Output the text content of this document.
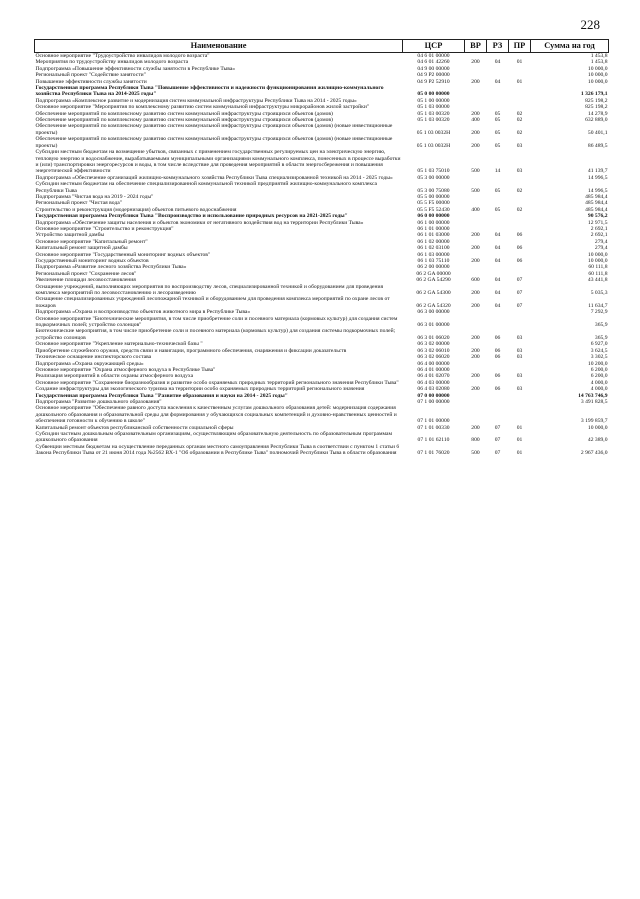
228
Наименование	ЦСР	ВР	РЗ	ПР	Сумма на год
Основное мероприятие "Трудоустройство инвалидов молодого возраста"	04 6 01 00000				1 453,8
Мероприятия по трудоустройству инвалидов молодого возраста	04 6 01 42260	200	04	01	1 453,8
Подпрограмма «Повышение эффективности службы занятости в Республике Тыва»	04 9 00 00000				10 000,0
Региональный проект "Содействие занятости"	04 9 P2 00000				10 000,0
Повышение эффективности службы занятости	04 9 P2 52910	200	04	01	10 000,0
Государственная программа Республики Тыва "Повышение эффективности и надежности функционирования жилищно-коммунального хозяйства Республики Тыва на 2014-2025 годы"	05 0 00 00000				1 326 179,1
Подпрограмма «Комплексное развитие и модернизация систем коммунальной инфраструктуры Республики Тыва на 2014 - 2025 годы»	05 1 00 00000				825 198,2
Основное мероприятие "Мероприятия по комплексному развитию систем коммунальной инфраструктуры микрорайонов жилой застройки"	05 1 03 00000				825 198,2
Обеспечение мероприятий по комплексному развитию систем коммунальной инфраструктуры строящихся объектов (домов)	05 1 03 00320	200	05	02	14 278,9
Обеспечение мероприятий по комплексному развитию систем коммунальной инфраструктуры строящихся объектов (домов)	05 1 03 00320	400	05	02	632 889,0
Обеспечение мероприятий по комплексному развитию систем коммунальной инфраструктуры строящихся объектов (домов) (новые инвестиционные проекты)	05 1 03 0032H	200	05	02	50 401,1
Обеспечение мероприятий по комплексному развитию систем коммунальной инфраструктуры строящихся объектов (домов) (новые инвестиционные проекты)	05 1 03 0032H	200	05	03	86 489,5
Субсидии местным бюджетам на возмещение убытков, связанных с применением государственных регулируемых цен на электрическую энергию, тепловую энергию и водоснабжение, вырабатываемыми муниципальными организациями коммунального комплекса, понесенных в процессе выработки и (или) транспортировки энергоресурсов и воды, в том числе вследствие для проведения мероприятий в области энергосбережения и повышения энергетической эффективности	05 1 03 75010	500	14	03	41 139,7
Подпрограмма «Обеспечение организаций жилищно-коммунального хозяйства Республики Тыва специализированной техникой на 2014 - 2025 годы»	05 3 00 00000				14 996,5
Субсидии местным бюджетам на обеспечение специализированной коммунальной техникой предприятий жилищно-коммунального комплекса Республики Тыва	05 3 00 75080	500	05	02	14 996,5
Подпрограмма "Чистая вода на 2019 - 2024 годы"	05 5 00 00000				485 984,4
Региональный проект "Чистая вода"	05 5 F5 00000				485 984,4
Строительство и реконструкция (модернизация) объектов питьевого водоснабжения	05 5 F5 52430	400	05	02	485 984,4
Государственная программа Республики Тыва "Воспроизводство и использование природных ресурсов на 2021-2025 годы"	06 0 00 00000				90 576,2
Подпрограмма «Обеспечение защиты населения и объектов экономики от негативного воздействия вод на территории Республики Тыва»	06 1 00 00000				12 971,5
Основное мероприятие "Строительство и реконструкция"	06 1 01 00000				2 692,1
Устройство защитной дамбы	06 1 01 03000	200	04	06	2 692,1
Основное мероприятие "Капитальный ремонт"	06 1 02 00000				279,4
Капитальный ремонт защитной дамбы	06 1 02 03100	200	04	06	279,4
Основное мероприятие "Государственный мониторинг водных объектов"	06 1 03 00000				10 000,0
Государственный мониторинг водных объектов	06 1 03 75110	200	04	06	10 000,0
Подпрограмма «Развитие лесного хозяйства Республики Тыва»	06 2 00 00000				60 111,8
Региональный проект "Сохранение лесов"	06 2 GA 00000				60 111,8
Увеличение площади лесовосстановления	06 2 GA 54290	600	04	07	43 441,8
Оснащение учреждений, выполняющих мероприятия по воспроизводству лесов, специализированной техникой и оборудованием для проведения комплекса мероприятий по лесовосстановлению и лесоразведению	06 2 GA 54300	200	04	07	5 035,3
Оснащение специализированных учреждений лесопожарной техникой и оборудованием для проведения комплекса мероприятий по охране лесов от пожаров	06 2 GA 54320	200	04	07	11 634,7
Подпрограмма «Охрана и воспроизводство объектов животного мира в Республике Тыва»	06 3 00 00000				7 292,9
Основное мероприятие "Биотехнические мероприятия, в том числе приобретение соли и посевного материала (кормовых культур) для создания систем подкормочных полей; устройство солонцов"	06 3 01 00000				365,9
Биотехнические мероприятия, в том числе приобретение соли и посевного материала (кормовых культур) для создания системы подкормочных полей; устройство солонцов	06 3 01 06020	200	06	03	365,9
Основное мероприятие "Укрепление материально-технической базы "	06 3 02 00000				6 927,0
Приобретение служебного оружия, средств связи и навигации, программного обеспечения, снаряжения и фиксации доказательств	06 3 02 06010	200	06	03	3 624,5
Техническое оснащение инспекторского состава	06 3 02 06020	200	06	03	3 302,5
Подпрограмма «Охрана окружающей среды»	06 4 00 00000				10 200,0
Основное мероприятие "Охрана атмосферного воздуха в Республике Тыва"	06 4 01 00000				6 200,0
Реализация мероприятий в области охраны атмосферного воздуха	06 4 01 02070	200	06	03	6 200,0
Основное мероприятие "Сохранение биоразнообразия и развитие особо охраняемых природных территорий регионального значения Республики Тыва"	06 4 03 00000				4 000,0
Создание инфраструктуры для экологического туризма на территории особо охраняемых природных территорий регионального значения	06 4 03 02080	200	06	03	4 000,0
Государственная программа Республики Тыва "Развитие образования и науки на 2014 - 2025 годы"	07 0 00 00000				14 763 746,9
Подпрограмма "Развитие дошкольного образования"	07 1 00 00000				3 491 828,5
Основное мероприятие "Обеспечение равного доступа населения к качественным услугам дошкольного образования детей: модернизация содержания дошкольного образования и образовательной среды для формирования у обучающихся социальных компетенций и духовно-нравственных ценностей и обеспечения готовности к обучению в школе"	07 1 01 00000				3 199 859,7
Капитальный ремонт объектов республиканской собственности социальной сферы	07 1 01 00330	200	07	01	10 000,0
Субсидии частным дошкольным образовательным организациям, осуществляющим образовательную деятельность по образовательным программам дошкольного образования	07 1 01 62110	800	07	01	42 389,0
Субвенции местным бюджетам на осуществление переданных органам местного самоуправления Республики Тыва в соответствии с пунктом 1 статьи 6 Закона Республики Тыва от 21 июня 2014 года №2562 ВХ-1 "Об образовании в Республике Тыва" полномочий Республики Тыва в области образования	07 1 01 76020	500	07	01	2 967 436,0
